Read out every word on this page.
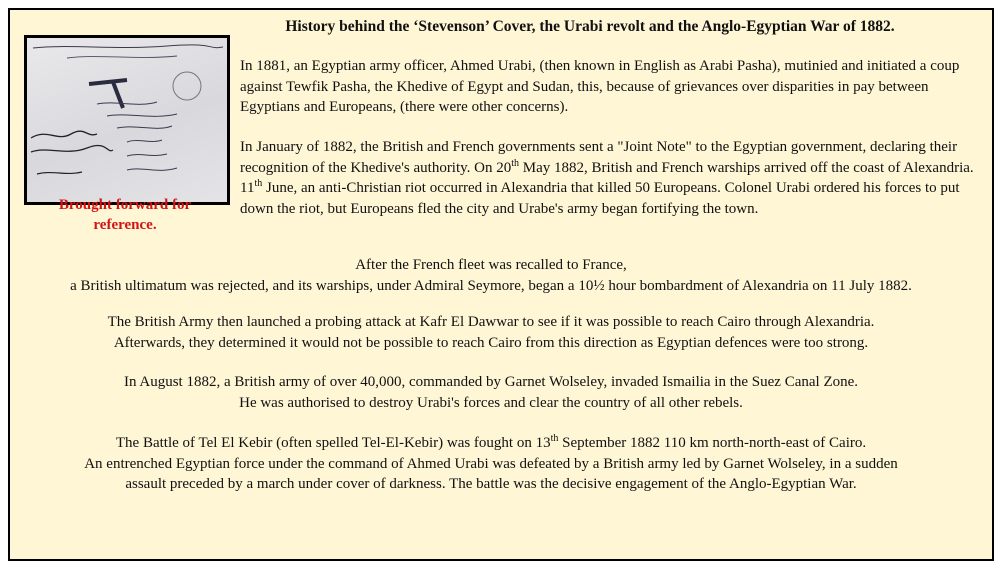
Brought forward for
reference.
History behind the ‘Stevenson’ Cover, the Urabi revolt and the Anglo-Egyptian War of 1882.

In 1881, an Egyptian army officer, Ahmed Urabi, (then known in English as Arabi Pasha), mutinied and initiated a coup against Tewfik Pasha, the Khedive of Egypt and Sudan, this, because of grievances over disparities in pay between Egyptians and Europeans, (there were other concerns).

In January of 1882, the British and French governments sent a "Joint Note" to the Egyptian government, declaring their recognition of the Khedive's authority. On 20th May 1882, British and French warships arrived off the coast of Alexandria. 11th June, an anti-Christian riot occurred in Alexandria that killed 50 Europeans. Colonel Urabi ordered his forces to put down the riot, but Europeans fled the city and Urabe's army began fortifying the town.

After the French fleet was recalled to France,
a British ultimatum was rejected, and its warships, under Admiral Seymore, began a 10½ hour bombardment of Alexandria on 11 July 1882.
The British Army then launched a probing attack at Kafr El Dawwar to see if it was possible to reach Cairo through Alexandria.
Afterwards, they determined it would not be possible to reach Cairo from this direction as Egyptian defences were too strong.
In August 1882, a British army of over 40,000, commanded by Garnet Wolseley, invaded Ismailia in the Suez Canal Zone.
He was authorised to destroy Urabi's forces and clear the country of all other rebels.
The Battle of Tel El Kebir (often spelled Tel-El-Kebir) was fought on 13th September 1882 110 km north-north-east of Cairo.
An entrenched Egyptian force under the command of Ahmed Urabi was defeated by a British army led by Garnet Wolseley, in a sudden
assault preceded by a march under cover of darkness. The battle was the decisive engagement of the Anglo-Egyptian War.
